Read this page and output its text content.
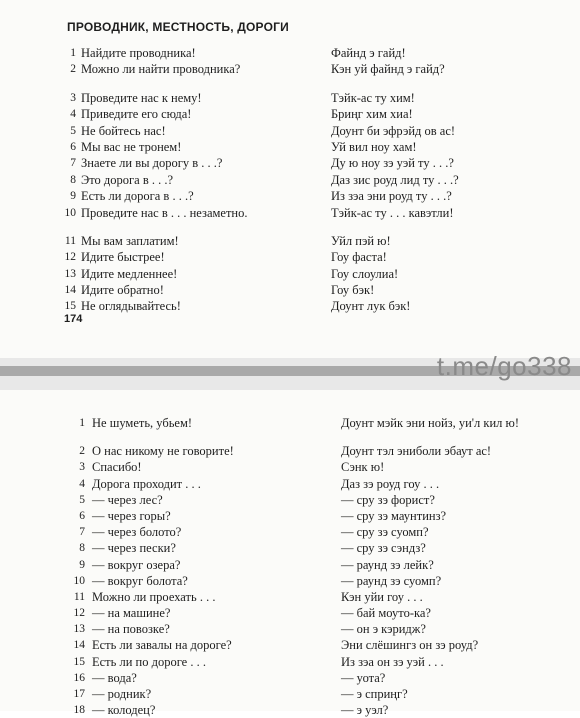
ПРОВОДНИК, МЕСТНОСТЬ, ДОРОГИ
1 Найдите проводника!	Файнд э гайд!
2 Можно ли найти проводника?	Кэн уй файнд э гайд?
3 Проведите нас к нему!	Тэйк-ас ту хим!
4 Приведите его сюда!	Бриңг хим хиа!
5 Не бойтесь нас!	Доунт би эфрэйд ов ас!
6 Мы вас не тронем!	Уй вил ноу хам!
7 Знаете ли вы дорогу в . . .?	Ду ю ноу зэ уэй ту . . .?
8 Это дорога в . . .?	Даз зис роуд лид ту . . .?
9 Есть ли дорога в . . .?	Из зэа эни роуд ту . . .?
10 Проведите нас в . . . незаметно.	Тэйк-ас ту . . . кавэтли!
11 Мы вам заплатим!	Уйл пэй ю!
12 Идите быстрее!	Гоу фаста!
13 Идите медленнее!	Гоу слоулиа!
14 Идите обратно!	Гоу бэк!
15 Не оглядывайтесь!	Доунт лук бэк!
174
t.me/go338
1 Не шуметь, убьем!	Доунт мэйк эни нойз, уи'л кил ю!
2 О нас никому не говорите!	Доунт тэл эниболи эбаут ас!
3 Спасибо!	Сэнк ю!
4 Дорога проходит . . .	Даз зэ роуд гоу . . .
5 — через лес?	— сру зэ форист?
6 — через горы?	— сру зэ маунтинз?
7 — через болото?	— сру зэ суомп?
8 — через пески?	— сру зэ сэндз?
9 — вокруг озера?	— раунд зэ лейк?
10 — вокруг болота?	— раунд зэ суомп?
11 Можно ли проехать . . .	Кэн уйи гоу . . .
12 — на машине?	— бай моуто-ка?
13 — на повозке?	— он э кэридж?
14 Есть ли завалы на дороге?	Эни слёшингз он зэ роуд?
15 Есть ли по дороге . . .	Из зэа он зэ уэй . . .
16 — вода?	— уота?
17 — родник?	— э сприңг?
18 — колодец?	— э уэл?
